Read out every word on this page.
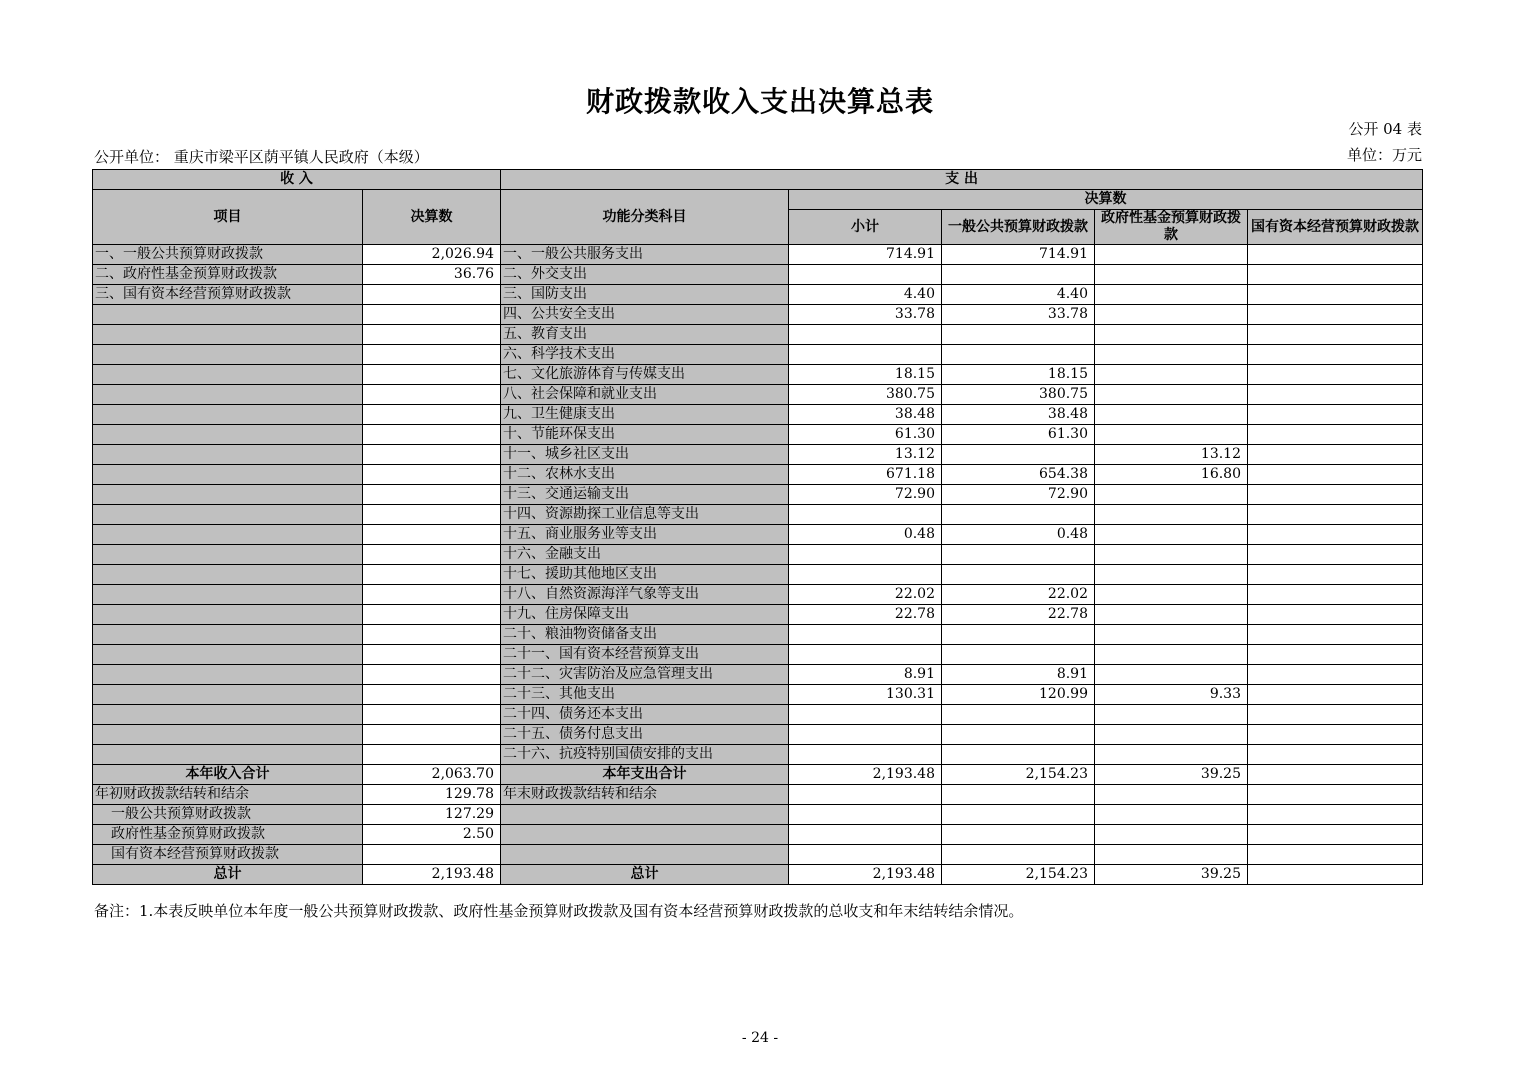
财政拨款收入支出决算总表
公开 04 表
公开单位： 重庆市梁平区荫平镇人民政府（本级）	单位：万元
收 入		支 出				
项目	决算数	功能分类科目	决算数			
			小计	一般公共预算财政拨款	政府性基金预算财政拨款	国有资本经营预算财政拨款

一、一般公共预算财政拨款	2,026.94	一、一般公共服务支出	714.91	714.91		
二、政府性基金预算财政拨款	36.76	二、外交支出				
三、国有资本经营预算财政拨款		三、国防支出	4.40	4.40		
		四、公共安全支出	33.78	33.78		
		五、教育支出				
		六、科学技术支出				
		七、文化旅游体育与传媒支出	18.15	18.15		
		八、社会保障和就业支出	380.75	380.75		
		九、卫生健康支出	38.48	38.48		
		十、节能环保支出	61.30	61.30		
		十一、城乡社区支出	13.12		13.12	
		十二、农林水支出	671.18	654.38	16.80	
		十三、交通运输支出	72.90	72.90		
		十四、资源勘探工业信息等支出				
		十五、商业服务业等支出	0.48	0.48		
		十六、金融支出				
		十七、援助其他地区支出				
		十八、自然资源海洋气象等支出	22.02	22.02		
		十九、住房保障支出	22.78	22.78		
		二十、粮油物资储备支出				
		二十一、国有资本经营预算支出				
		二十二、灾害防治及应急管理支出	8.91	8.91		
		二十三、其他支出	130.31	120.99	9.33	
		二十四、债务还本支出				
		二十五、债务付息支出				
		二十六、抗疫特别国债安排的支出				
本年收入合计	2,063.70	本年支出合计	2,193.48	2,154.23	39.25	
年初财政拨款结转和结余	129.78	年末财政拨款结转和结余				
一般公共预算财政拨款	127.29					
政府性基金预算财政拨款	2.50					
国有资本经营预算财政拨款						
总计	2,193.48	总计	2,193.48	2,154.23	39.25	
备注：1.本表反映单位本年度一般公共预算财政拨款、政府性基金预算财政拨款及国有资本经营预算财政拨款的总收支和年末结转结余情况。
- 24 -
